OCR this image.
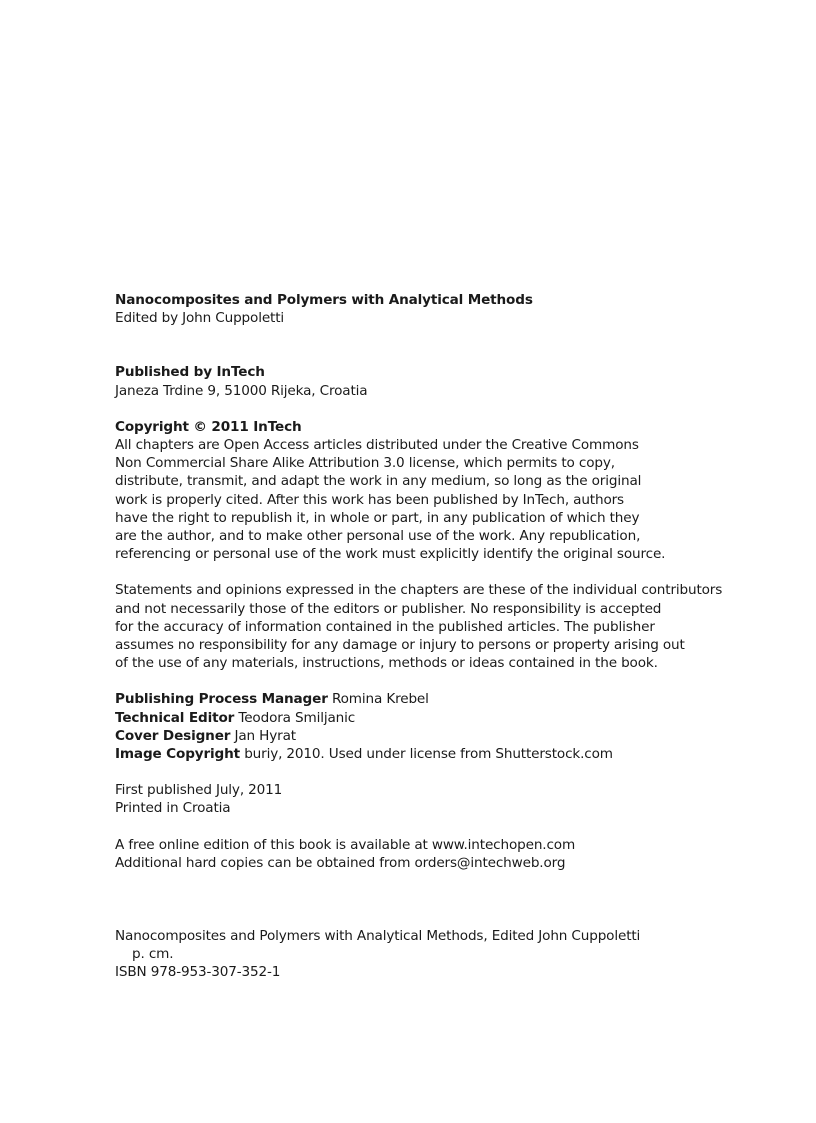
Nanocomposites and Polymers with Analytical Methods
Edited by John Cuppoletti
Published by InTech
Janeza Trdine 9, 51000 Rijeka, Croatia
Copyright © 2011 InTech
All chapters are Open Access articles distributed under the Creative Commons
Non Commercial Share Alike Attribution 3.0 license, which permits to copy,
distribute, transmit, and adapt the work in any medium, so long as the original
work is properly cited. After this work has been published by InTech, authors
have the right to republish it, in whole or part, in any publication of which they
are the author, and to make other personal use of the work. Any republication,
referencing or personal use of the work must explicitly identify the original source.
Statements and opinions expressed in the chapters are these of the individual contributors
and not necessarily those of the editors or publisher. No responsibility is accepted
for the accuracy of information contained in the published articles. The publisher
assumes no responsibility for any damage or injury to persons or property arising out
of the use of any materials, instructions, methods or ideas contained in the book.
Publishing Process Manager Romina Krebel
Technical Editor Teodora Smiljanic
Cover Designer Jan Hyrat
Image Copyright buriy, 2010. Used under license from Shutterstock.com
First published July, 2011
Printed in Croatia
A free online edition of this book is available at www.intechopen.com
Additional hard copies can be obtained from orders@intechweb.org
Nanocomposites and Polymers with Analytical Methods, Edited John Cuppoletti
p. cm.
ISBN 978-953-307-352-1
